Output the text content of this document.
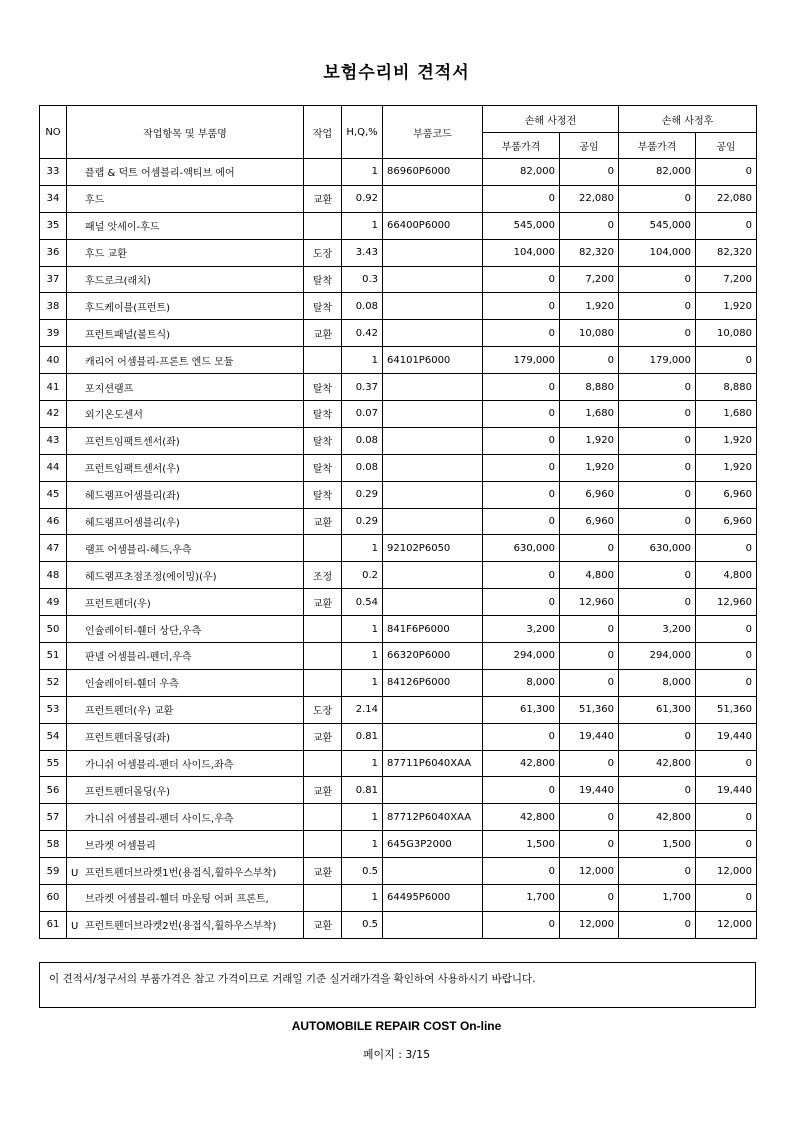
보험수리비 견적서
NO	작업항목 및 부품명	작업	H,Q,%	부품코드	손해 사정전		손해 사정후	
					부품가격	공임	부품가격	공임
33	플랩 & 덕트 어셈블리-액티브 에어		1	86960P6000	82,000	0	82,000	0
34	후드	교환	0.92		0	22,080	0	22,080
35	패널 앗세이-후드		1	66400P6000	545,000	0	545,000	0
36	후드 교환	도장	3.43		104,000	82,320	104,000	82,320
37	후드로크(래치)	탈착	0.3		0	7,200	0	7,200
38	후드케이블(프런트)	탈착	0.08		0	1,920	0	1,920
39	프런트패널(볼트식)	교환	0.42		0	10,080	0	10,080
40	캐리어 어셈블리-프론트 엔드 모듈		1	64101P6000	179,000	0	179,000	0
41	포지션램프	탈착	0.37		0	8,880	0	8,880
42	외기온도센서	탈착	0.07		0	1,680	0	1,680
43	프런트임팩트센서(좌)	탈착	0.08		0	1,920	0	1,920
44	프런트임팩트센서(우)	탈착	0.08		0	1,920	0	1,920
45	헤드램프어셈블리(좌)	탈착	0.29		0	6,960	0	6,960
46	헤드램프어셈블리(우)	교환	0.29		0	6,960	0	6,960
47	램프 어셈블리-헤드,우측		1	92102P6050	630,000	0	630,000	0
48	헤드램프초점조정(에이밍)(우)	조정	0.2		0	4,800	0	4,800
49	프런트펜더(우)	교환	0.54		0	12,960	0	12,960
50	인슐레이터-휀더 상단,우측		1	841F6P6000	3,200	0	3,200	0
51	판넬 어셈블리-펜더,우측		1	66320P6000	294,000	0	294,000	0
52	인슐레이터-휀더 우측		1	84126P6000	8,000	0	8,000	0
53	프런트펜더(우) 교환	도장	2.14		61,300	51,360	61,300	51,360
54	프런트펜더몰딩(좌)	교환	0.81		0	19,440	0	19,440
55	가니쉬 어셈블리-펜더 사이드,좌측		1	87711P6040XAA	42,800	0	42,800	0
56	프런트펜더몰딩(우)	교환	0.81		0	19,440	0	19,440
57	가니쉬 어셈블리-펜더 사이드,우측		1	87712P6040XAA	42,800	0	42,800	0
58	브라켓 어셈블리		1	645G3P2000	1,500	0	1,500	0
59	U 프런트펜더브라켓1번(용접식,휠하우스부착)	교환	0.5		0	12,000	0	12,000
60	브라켓 어셈블리-휀더 마운팅 어퍼 프론트,		1	64495P6000	1,700	0	1,700	0
61	U 프런트펜더브라켓2번(용접식,휠하우스부착)	교환	0.5		0	12,000	0	12,000
이 견적서/청구서의 부품가격은 참고 가격이므로 거래일 기준 실거래가격을 확인하여 사용하시기 바랍니다.
AUTOMOBILE REPAIR COST On-line
페이지 : 3/15
